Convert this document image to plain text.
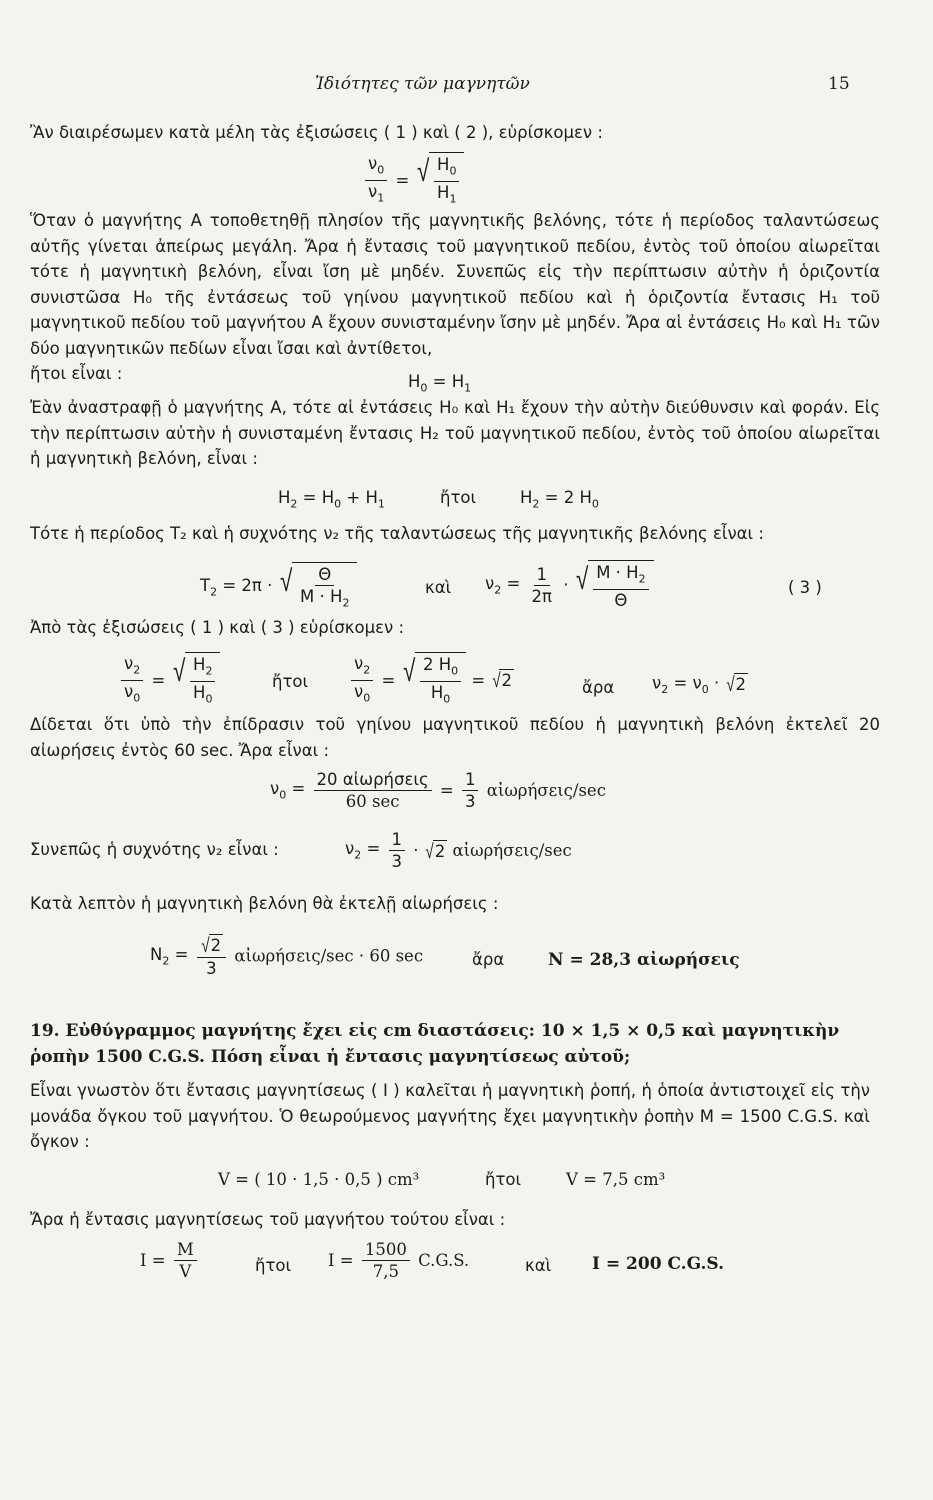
Ἰδιότητες τῶν μαγνητῶν	15
Ἂν διαιρέσωμεν κατὰ μέλη τὰς ἐξισώσεις ( 1 ) καὶ ( 2 ), εὑρίσκομεν :
$\frac{\nu_0}{\nu_1}$ = √ $\frac{H_0}{H_1}$
Ὅταν ὁ μαγνήτης Α τοποθετηθῇ πλησίον τῆς μαγνητικῆς βελόνης, τότε ἡ περίοδος ταλαντώσεως αὐτῆς γίνεται ἀπείρως μεγάλη. Ἄρα ἡ ἔντασις τοῦ μαγνητικοῦ πεδίου, ἐντὸς τοῦ ὁποίου αἰωρεῖται τότε ἡ μαγνητικὴ βελόνη, εἶναι ἴση μὲ μηδέν. Συνεπῶς εἰς τὴν περίπτωσιν αὐτὴν ἡ ὁριζοντία συνιστῶσα H₀ τῆς ἐντάσεως τοῦ γηίνου μαγνητικοῦ πεδίου καὶ ἡ ὁριζοντία ἔντασις H₁ τοῦ μαγνητικοῦ πεδίου τοῦ μαγνήτου Α ἔχουν συνισταμένην ἴσην μὲ μηδέν. Ἄρα αἱ ἐντάσεις H₀ καὶ H₁ τῶν δύο μαγνητικῶν πεδίων εἶναι ἴσαι καὶ ἀντίθετοι,
ἤτοι εἶναι :	$H_0 = H_1$
Ἐὰν ἀναστραφῇ ὁ μαγνήτης Α, τότε αἱ ἐντάσεις H₀ καὶ H₁ ἔχουν τὴν αὐτὴν διεύθυνσιν καὶ φοράν. Εἰς τὴν περίπτωσιν αὐτὴν ἡ συνισταμένη ἔντασις H₂ τοῦ μαγνητικοῦ πεδίου, ἐντὸς τοῦ ὁποίου αἰωρεῖται ἡ μαγνητικὴ βελόνη, εἶναι :
$H_2 = H_0 + H_1$	ἤτοι	$H_2 = 2$ $H_0$
Τότε ἡ περίοδος T₂ καὶ ἡ συχνότης ν₂ τῆς ταλαντώσεως τῆς μαγνητικῆς βελόνης εἶναι :
$T_2 = 2\pi$ · √ $\frac{\Theta}{M \cdot H_2}$	καὶ $\nu_2 = \frac{1}{2\pi}$ · √ $\frac{M \cdot H_2}{\Theta}$	( 3 )
Ἀπὸ τὰς ἐξισώσεις ( 1 ) καὶ ( 3 ) εὑρίσκομεν :
$\frac{\nu_2}{\nu_0}$ = √ $\frac{H_2}{H_0}$	ἤτοι	$\frac{\nu_2}{\nu_0}$ = √ $\frac{2 H_0}{H_0}$ = √ 2	ἄρα $\nu_2 = \nu_0$ · √ 2
Δίδεται ὅτι ὑπὸ τὴν ἐπίδρασιν τοῦ γηίνου μαγνητικοῦ πεδίου ἡ μαγνητικὴ βελόνη ἐκτελεῖ 20 αἰωρήσεις ἐντὸς 60 sec. Ἄρα εἶναι :
$\nu_0 = \frac{\text{20 αἰωρήσεις}}{60 \sec} = \frac{1}{3}$ αἰωρήσεις/sec
Συνεπῶς ἡ συχνότης ν₂ εἶναι :	$\nu_2 = \frac{1}{3}$ · √ 2 αἰωρήσεις/sec
Κατὰ λεπτὸν ἡ μαγνητικὴ βελόνη θὰ ἐκτελῇ αἰωρήσεις :
$N_2 = \frac{√ 2}{3}$ αἰωρήσεις/sec · 60 sec	ἄρα	N = 28,3 αἰωρήσεις
19. Εὐθύγραμμος μαγνήτης ἔχει εἰς cm διαστάσεις: 10 × 1,5 × 0,5 καὶ μαγνητικὴν ῥοπὴν 1500 C.G.S. Πόση εἶναι ἡ ἔντασις μαγνητίσεως αὐτοῦ;
Εἶναι γνωστὸν ὅτι ἔντασις μαγνητίσεως ( Ι ) καλεῖται ἡ μαγνητικὴ ῥοπή, ἡ ὁποία ἀντιστοιχεῖ εἰς τὴν μονάδα ὄγκου τοῦ μαγνήτου. Ὁ θεωρούμενος μαγνήτης ἔχει μαγνητικὴν ῥοπὴν M = 1500 C.G.S. καὶ ὄγκον :
V = ( 10 · 1,5 · 0,5 ) cm³	ἤτοι	V = 7,5 cm³
Ἄρα ἡ ἔντασις μαγνητίσεως τοῦ μαγνήτου τούτου εἶναι :
$I = \frac{M}{V}$	ἤτοι $I = \frac{1500}{7,5} C.G.S$.	καὶ I = 200 C.G.S.
